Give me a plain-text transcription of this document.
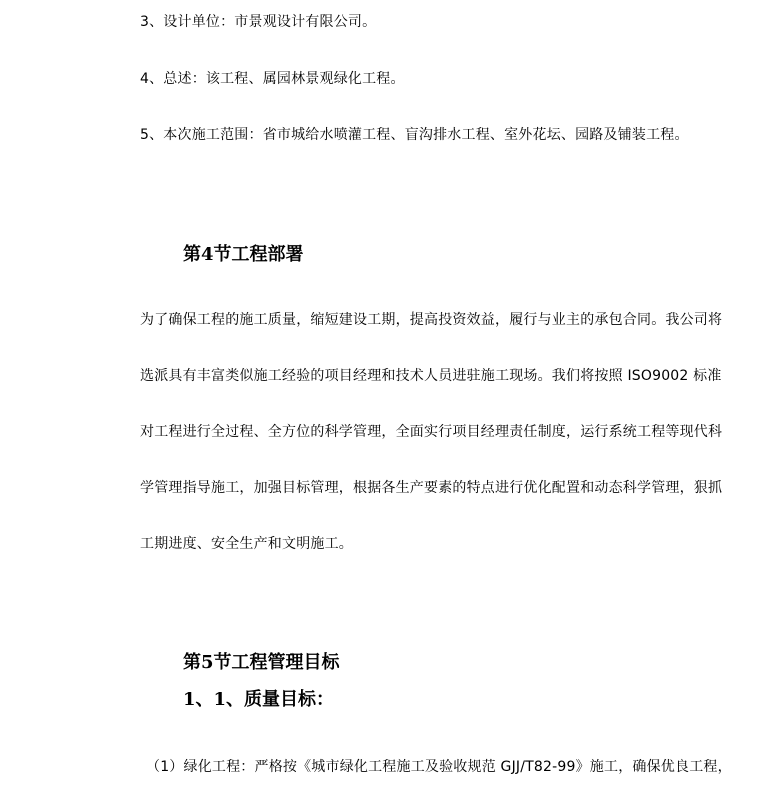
3、设计单位：市景观设计有限公司。
4、总述：该工程、属园林景观绿化工程。
5、本次施工范围：省市城给水喷灌工程、盲沟排水工程、室外花坛、园路及铺装工程。
第4节工程部署
为了确保工程的施工质量，缩短建设工期，提高投资效益，履行与业主的承包合同。我公司将
选派具有丰富类似施工经验的项目经理和技术人员进驻施工现场。我们将按照 ISO9002 标准
对工程进行全过程、全方位的科学管理，全面实行项目经理责任制度，运行系统工程等现代科
学管理指导施工，加强目标管理，根据各生产要素的特点进行优化配置和动态科学管理，狠抓
工期进度、安全生产和文明施工。
第5节工程管理目标
1、1、质量目标：
（1）绿化工程：严格按《城市绿化工程施工及验收规范 GJJ/T82-99》施工，确保优良工程，
